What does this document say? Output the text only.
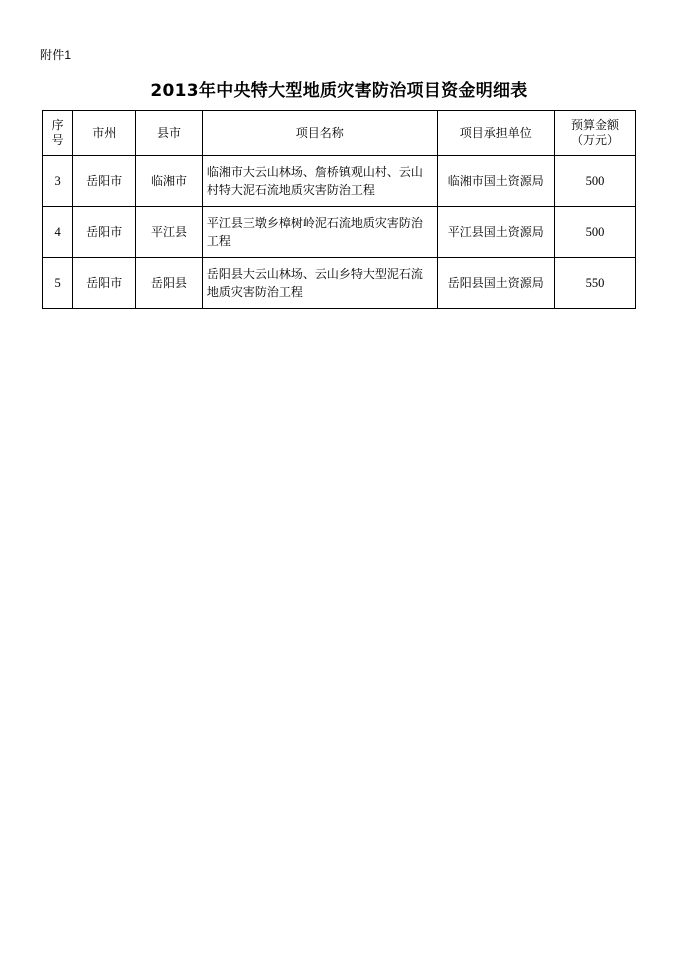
附件1
2013年中央特大型地质灾害防治项目资金明细表
序号	市州	县市	项目名称	项目承担单位	预算金额
（万元）

3	岳阳市	临湘市	临湘市大云山林场、詹桥镇观山村、云山村特大泥石流地质灾害防治工程	临湘市国土资源局	500
4	岳阳市	平江县	平江县三墩乡樟树岭泥石流地质灾害防治工程	平江县国土资源局	500
5	岳阳市	岳阳县	岳阳县大云山林场、云山乡特大型泥石流地质灾害防治工程	岳阳县国土资源局	550
